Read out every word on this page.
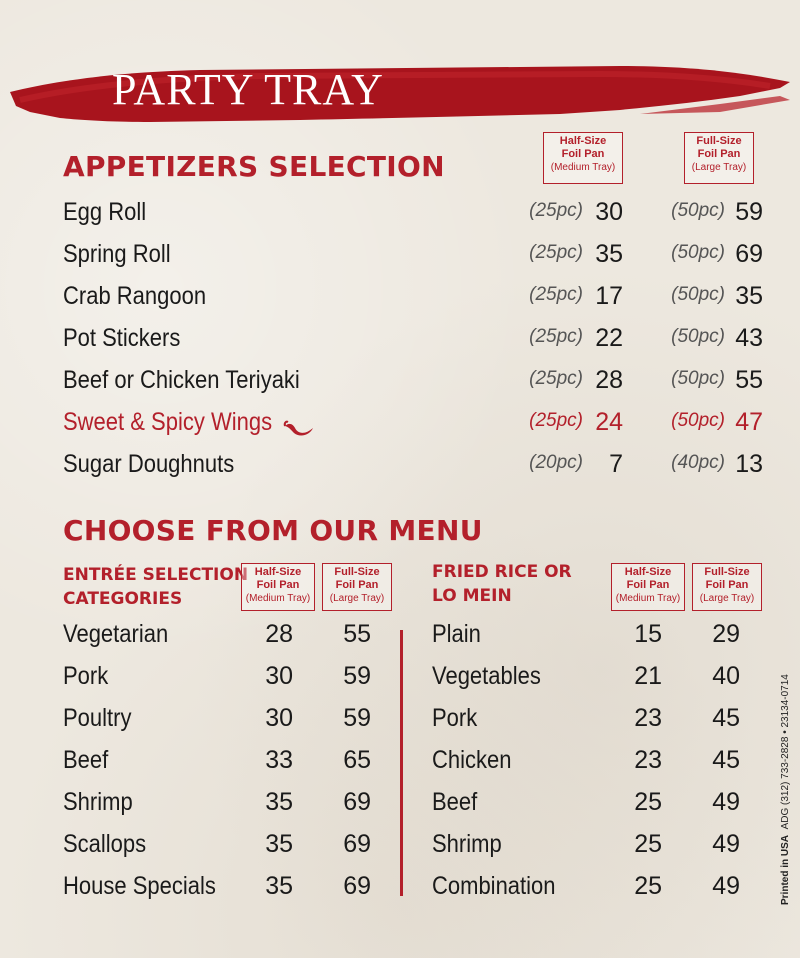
PARTY TRAY
APPETIZERS SELECTION
Half-Size
Foil Pan
(Medium Tray)
Full-Size
Foil Pan
(Large Tray)
Egg Roll	(25pc) 30	(50pc) 59
Spring Roll	(25pc) 35	(50pc) 69
Crab Rangoon	(25pc) 17	(50pc) 35
Pot Stickers	(25pc) 22	(50pc) 43
Beef or Chicken Teriyaki	(25pc) 28	(50pc) 55
Sweet & Spicy Wings	(25pc) 24	(50pc) 47
Sugar Doughnuts	(20pc)	7	(40pc) 13
CHOOSE FROM OUR MENU
ENTRÉE SELECTION
CATEGORIES
Half-Size
Foil Pan
(Medium Tray)
Full-Size
Foil Pan
(Large Tray)
FRIED RICE OR
LO MEIN
Half-Size
Foil Pan
(Medium Tray)
Full-Size
Foil Pan
(Large Tray)
Vegetarian	28	55
Pork	30	59
Poultry	30	59
Beef	33	65
Shrimp	35	69
Scallops	35	69
House Specials	35	69
Plain	15	29
Vegetables	21	40
Pork	23	45
Chicken	23	45
Beef	25	49
Shrimp	25	49
Combination	25	49	Printed in USA  ADG (312) 733-2828 • 23134-0714
